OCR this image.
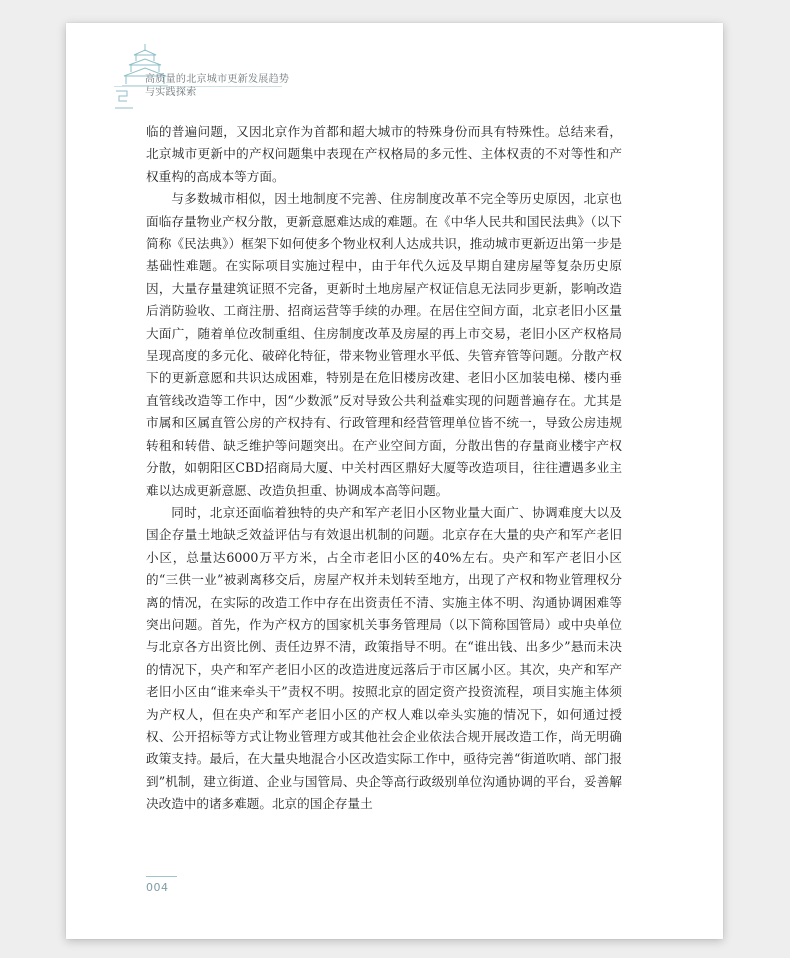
高质量的北京城市更新发展趋势
与实践探索

临的普遍问题，又因北京作为首都和超大城市的特殊身份而具有特殊性。总结来看，北京城市更新中的产权问题集中表现在产权格局的多元性、主体权责的不对等性和产权重构的高成本等方面。

与多数城市相似，因土地制度不完善、住房制度改革不完全等历史原因，北京也面临存量物业产权分散，更新意愿难达成的难题。在《中华人民共和国民法典》（以下简称《民法典》）框架下如何使多个物业权利人达成共识，推动城市更新迈出第一步是基础性难题。在实际项目实施过程中，由于年代久远及早期自建房屋等复杂历史原因，大量存量建筑证照不完备，更新时土地房屋产权证信息无法同步更新，影响改造后消防验收、工商注册、招商运营等手续的办理。在居住空间方面，北京老旧小区量大面广，随着单位改制重组、住房制度改革及房屋的再上市交易，老旧小区产权格局呈现高度的多元化、破碎化特征，带来物业管理水平低、失管弃管等问题。分散产权下的更新意愿和共识达成困难，特别是在危旧楼房改建、老旧小区加装电梯、楼内垂直管线改造等工作中，因“少数派”反对导致公共利益难实现的问题普遍存在。尤其是市属和区属直管公房的产权持有、行政管理和经营管理单位皆不统一，导致公房违规转租和转借、缺乏维护等问题突出。在产业空间方面，分散出售的存量商业楼宇产权分散，如朝阳区CBD招商局大厦、中关村西区鼎好大厦等改造项目，往往遭遇多业主难以达成更新意愿、改造负担重、协调成本高等问题。

同时，北京还面临着独特的央产和军产老旧小区物业量大面广、协调难度大以及国企存量土地缺乏效益评估与有效退出机制的问题。北京存在大量的央产和军产老旧小区，总量达6000万平方米，占全市老旧小区的40%左右。央产和军产老旧小区的“三供一业”被剥离移交后，房屋产权并未划转至地方，出现了产权和物业管理权分离的情况，在实际的改造工作中存在出资责任不清、实施主体不明、沟通协调困难等突出问题。首先，作为产权方的国家机关事务管理局（以下简称国管局）或中央单位与北京各方出资比例、责任边界不清，政策指导不明。在“谁出钱、出多少”悬而未决的情况下，央产和军产老旧小区的改造进度远落后于市区属小区。其次，央产和军产老旧小区由“谁来牵头干”责权不明。按照北京的固定资产投资流程，项目实施主体须为产权人，但在央产和军产老旧小区的产权人难以牵头实施的情况下，如何通过授权、公开招标等方式让物业管理方或其他社会企业依法合规开展改造工作，尚无明确政策支持。最后，在大量央地混合小区改造实际工作中，亟待完善“街道吹哨、部门报到”机制，建立街道、企业与国管局、央企等高行政级别单位沟通协调的平台，妥善解决改造中的诸多难题。北京的国企存量土

004
